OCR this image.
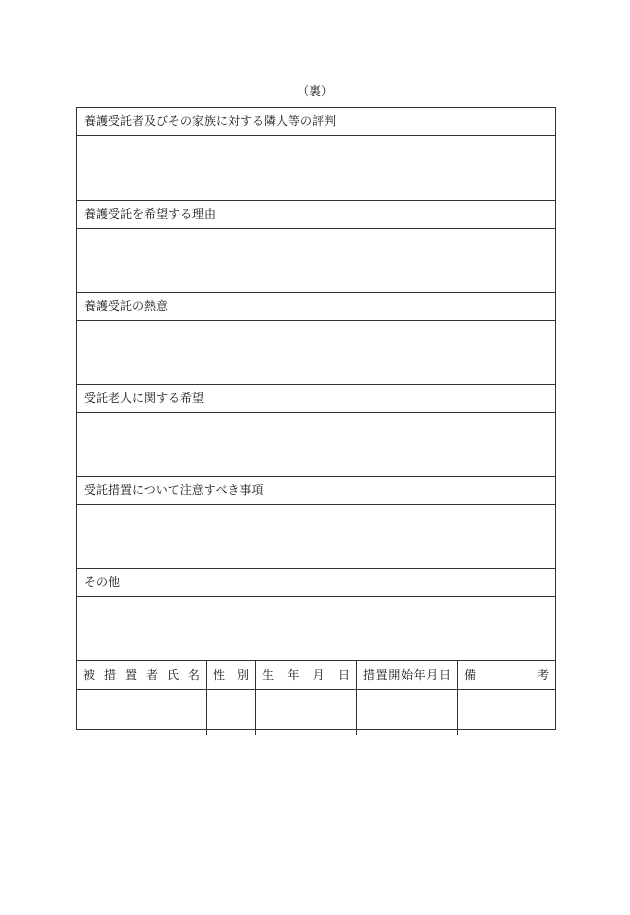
（裏）
養護受託者及びその家族に対する隣人等の評判
養護受託を希望する理由
養護受託の熱意
受託老人に関する希望
受託措置について注意すべき事項
その他
被 措 置 者 氏 名 性 別 生 年 月 日 措 置 開 始 年 月 日 備	考
